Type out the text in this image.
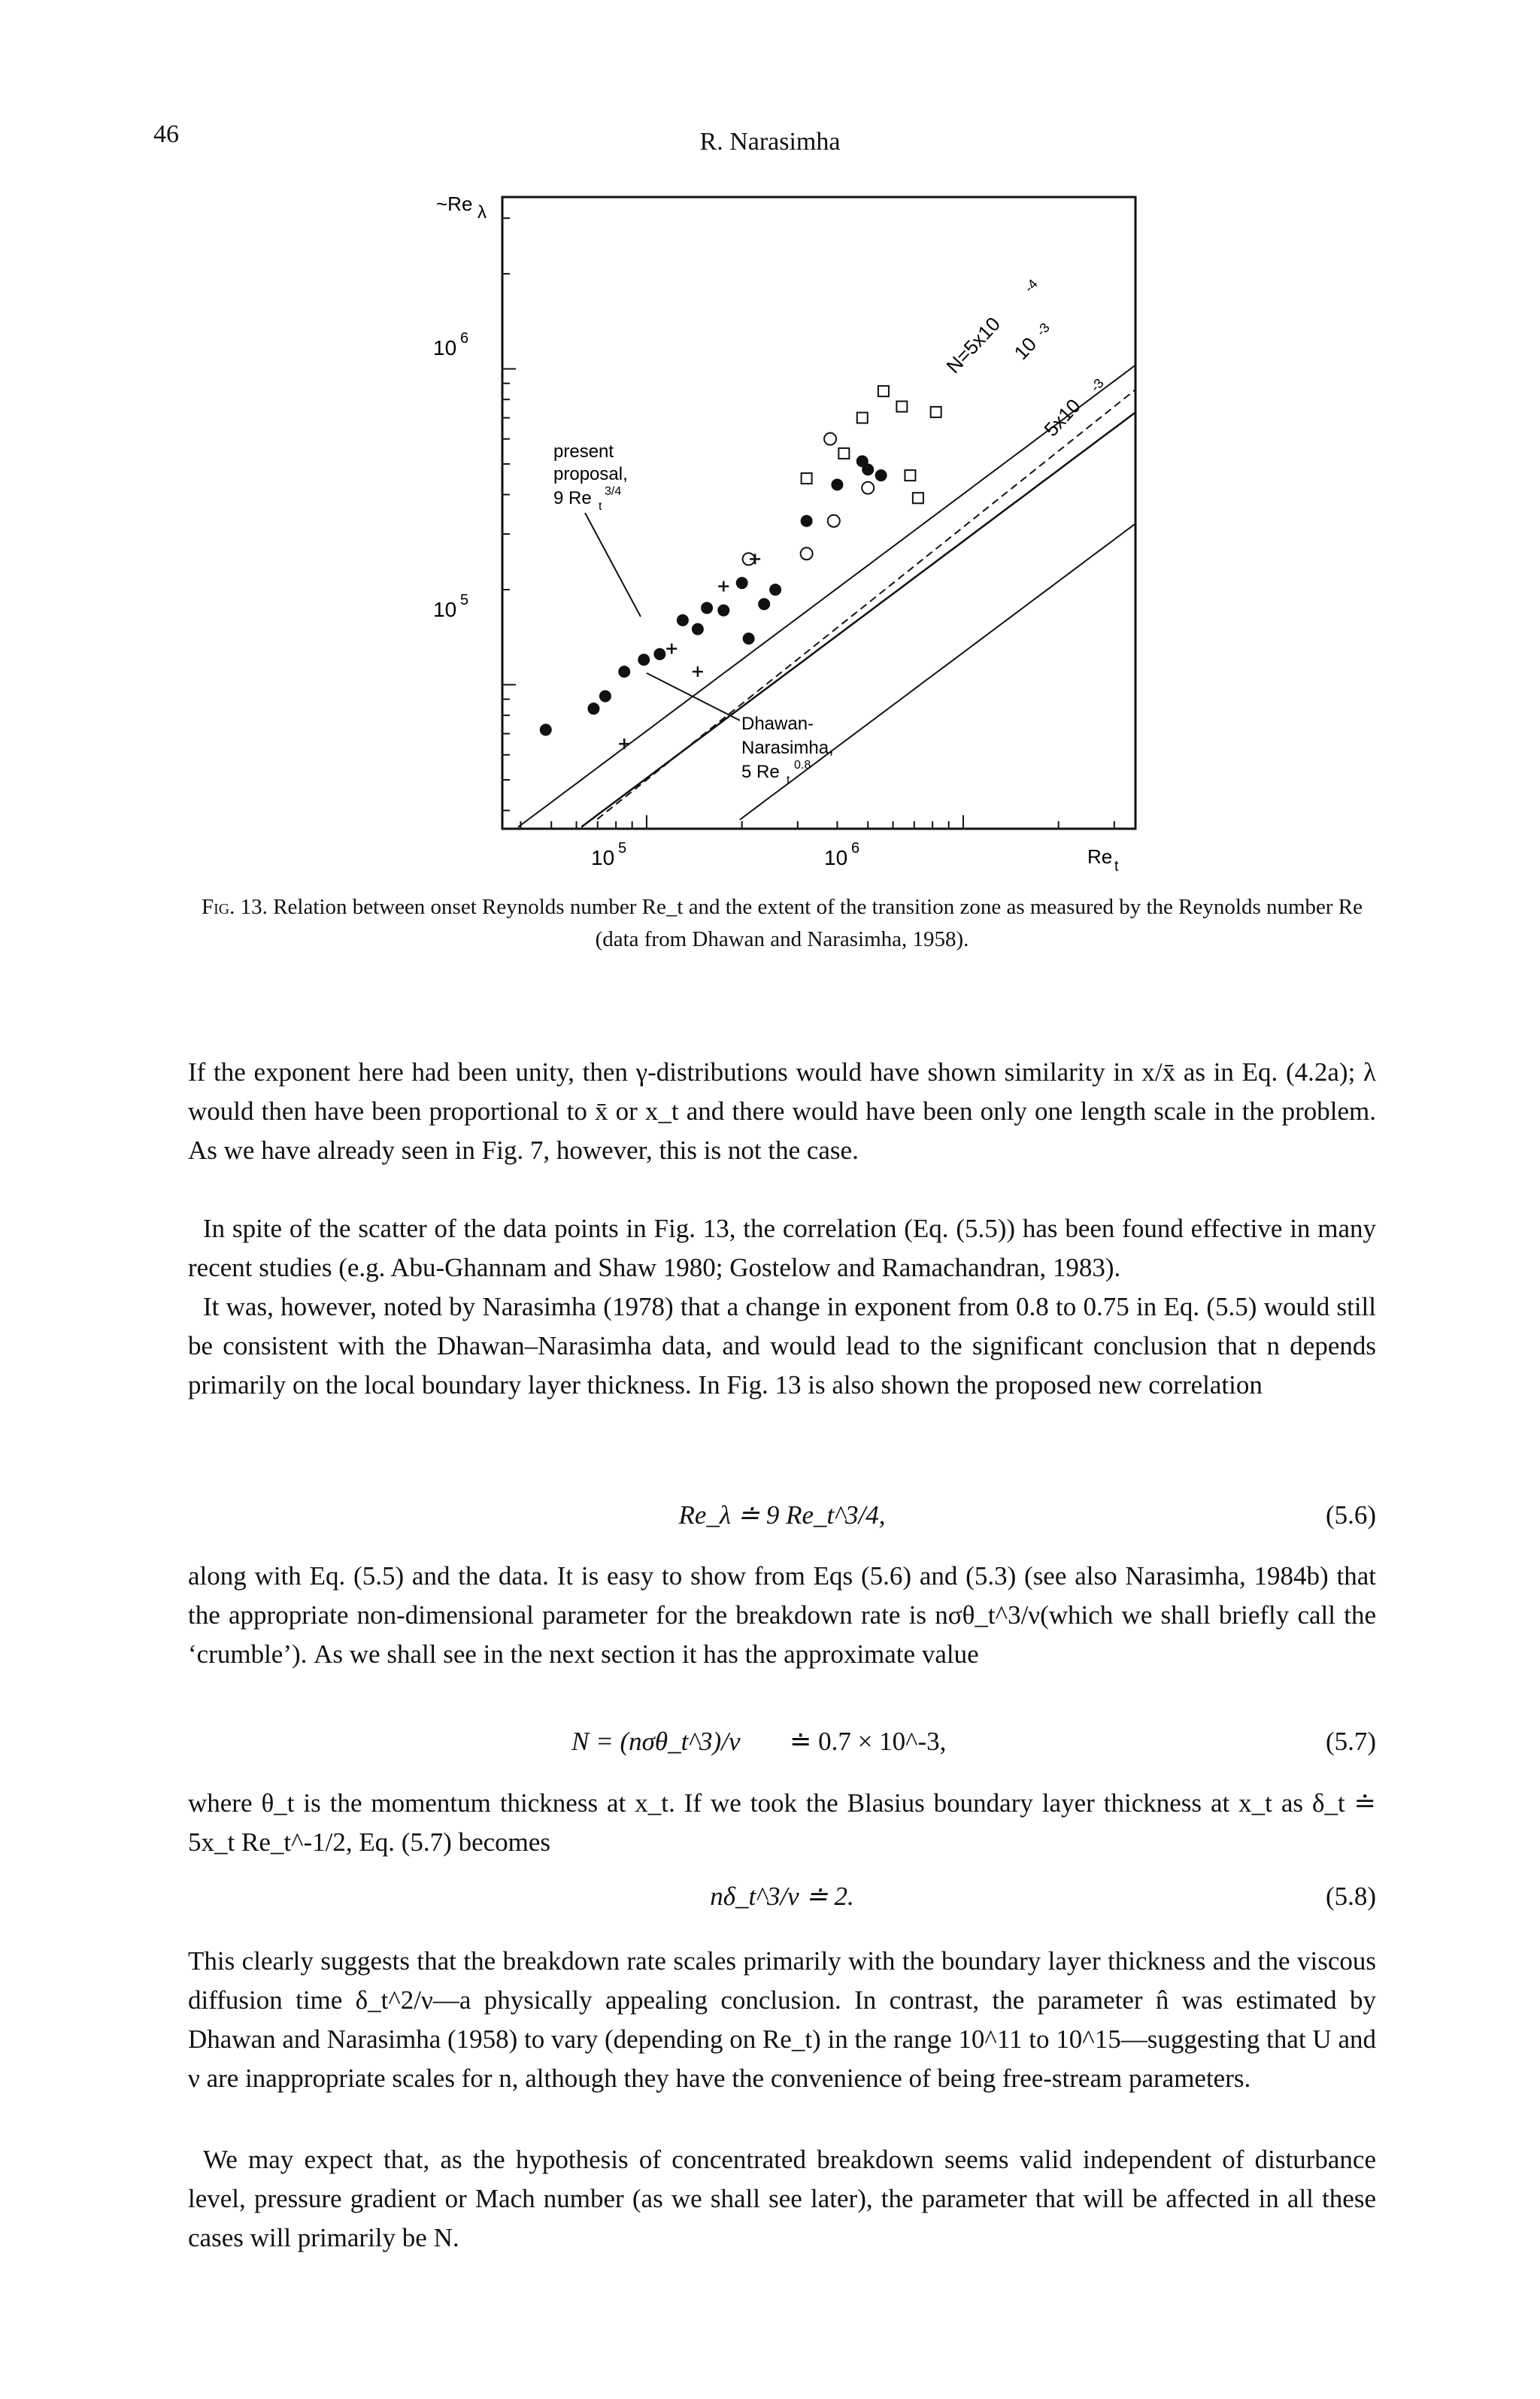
46	R. Narasimha
~Re λ
10 6
10 5
10 5	10 6	Re t
N=5x10
-4
10
-3
5x10
-3
present
proposal,
9 Re t
3/4
Dhawan-
Narasimha,
5 Re t
0.8
Fig. 13. Relation between onset Reynolds number Re_t and the extent of the transition zone as measured by the Reynolds number Re (data from Dhawan and Narasimha, 1958).

If the exponent here had been unity, then γ-distributions would have shown similarity in x/x̄ as in Eq. (4.2a); λ would then have been proportional to x̄ or x_t and there would have been only one length scale in the problem. As we have already seen in Fig. 7, however, this is not the case.

In spite of the scatter of the data points in Fig. 13, the correlation (Eq. (5.5)) has been found effective in many recent studies (e.g. Abu-Ghannam and Shaw 1980; Gostelow and Ramachandran, 1983).

It was, however, noted by Narasimha (1978) that a change in exponent from 0.8 to 0.75 in Eq. (5.5) would still be consistent with the Dhawan–Narasimha data, and would lead to the significant conclusion that n depends primarily on the local boundary layer thickness. In Fig. 13 is also shown the proposed new correlation

Re_λ ≐ 9 Re_t^3/4,	(5.6)

along with Eq. (5.5) and the data. It is easy to show from Eqs (5.6) and (5.3) (see also Narasimha, 1984b) that the appropriate non-dimensional parameter for the breakdown rate is nσθ_t^3/ν(which we shall briefly call the ‘crumble’). As we shall see in the next section it has the approximate value

N = (nσθ_t^3)/ν ≐ 0.7 × 10^-3,	(5.7)

where θ_t is the momentum thickness at x_t. If we took the Blasius boundary layer thickness at x_t as δ_t ≐ 5x_t Re_t^-1/2, Eq. (5.7) becomes

nδ_t^3/ν ≐ 2.	(5.8)

This clearly suggests that the breakdown rate scales primarily with the boundary layer thickness and the viscous diffusion time δ_t^2/ν—a physically appealing conclusion. In contrast, the parameter n̂ was estimated by Dhawan and Narasimha (1958) to vary (depending on Re_t) in the range 10^11 to 10^15—suggesting that U and ν are inappropriate scales for n, although they have the convenience of being free-stream parameters.

We may expect that, as the hypothesis of concentrated breakdown seems valid independent of disturbance level, pressure gradient or Mach number (as we shall see later), the parameter that will be affected in all these cases will primarily be N.
